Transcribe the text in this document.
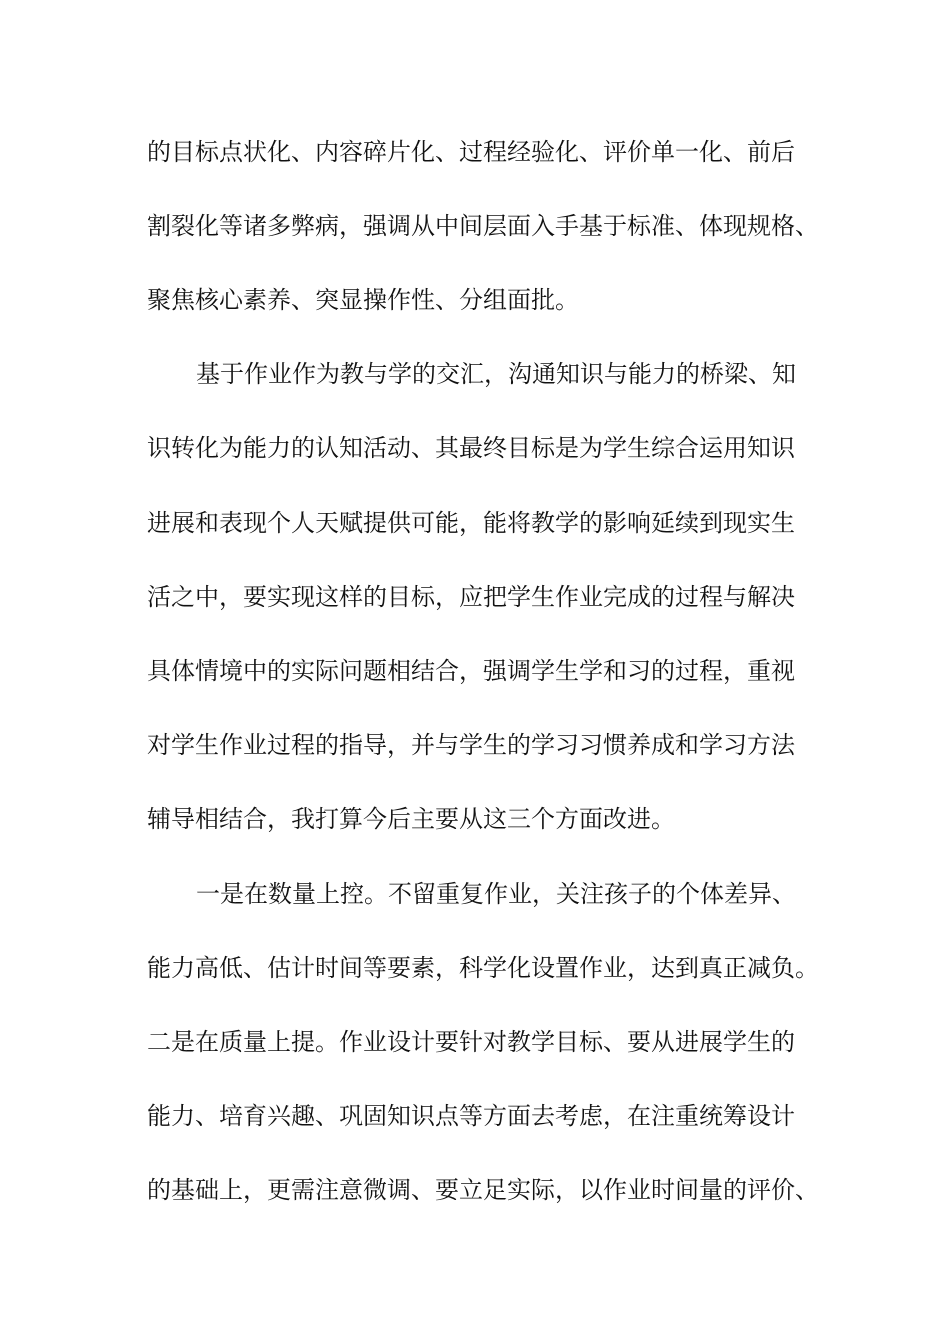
的目标点状化、内容碎片化、过程经验化、评价单一化、前后
割裂化等诸多弊病，强调从中间层面入手基于标准、体现规格、
聚焦核心素养、突显操作性、分组面批。
基于作业作为教与学的交汇，沟通知识与能力的桥梁、知
识转化为能力的认知活动、其最终目标是为学生综合运用知识
进展和表现个人天赋提供可能，能将教学的影响延续到现实生
活之中，要实现这样的目标，应把学生作业完成的过程与解决
具体情境中的实际问题相结合，强调学生学和习的过程，重视
对学生作业过程的指导，并与学生的学习习惯养成和学习方法
辅导相结合，我打算今后主要从这三个方面改进。
一是在数量上控。不留重复作业，关注孩子的个体差异、
能力高低、估计时间等要素，科学化设置作业，达到真正减负。
二是在质量上提。作业设计要针对教学目标、要从进展学生的
能力、培育兴趣、巩固知识点等方面去考虑，在注重统筹设计
的基础上，更需注意微调、要立足实际，以作业时间量的评价、
